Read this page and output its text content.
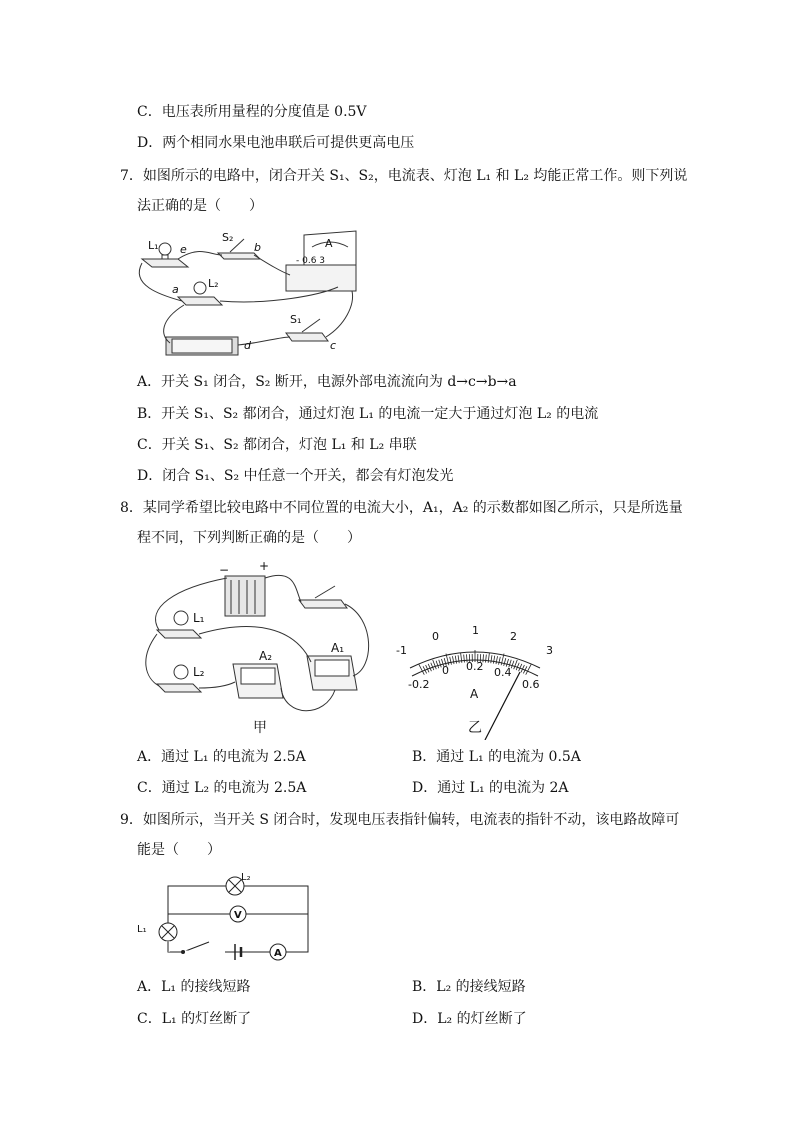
C．电压表所用量程的分度值是 0.5V
D．两个相同水果电池串联后可提供更高电压
7．如图所示的电路中，闭合开关 S₁、S₂，电流表、灯泡 L₁ 和 L₂ 均能正常工作。则下列说
法正确的是（　　）
L₁ e
S₂
b	A
- 0.6 3
a	L₂
d
S₁
c
A．开关 S₁ 闭合，S₂ 断开，电源外部电流流向为 d→c→b→a
B．开关 S₁、S₂ 都闭合，通过灯泡 L₁ 的电流一定大于通过灯泡 L₂ 的电流
C．开关 S₁、S₂ 都闭合，灯泡 L₁ 和 L₂ 串联
D．闭合 S₁、S₂ 中任意一个开关，都会有灯泡发光
8．某同学希望比较电路中不同位置的电流大小，A₁，A₂ 的示数都如图乙所示，只是所选量
程不同，下列判断正确的是（　　）
− +
L₁
L₂
A₂
A₁
甲
-1
0	1	2
3
-0.2
0 0.2 0.4
0.6
A
乙
A．通过 L₁ 的电流为 2.5A	B．通过 L₁ 的电流为 0.5A
C．通过 L₂ 的电流为 2.5A	D．通过 L₁ 的电流为 2A
9．如图所示，当开关 S 闭合时，发现电压表指针偏转，电流表的指针不动，该电路故障可
能是（　　）
L₂
V
L₁
A
A．L₁ 的接线短路	B．L₂ 的接线短路
C．L₁ 的灯丝断了	D．L₂ 的灯丝断了
